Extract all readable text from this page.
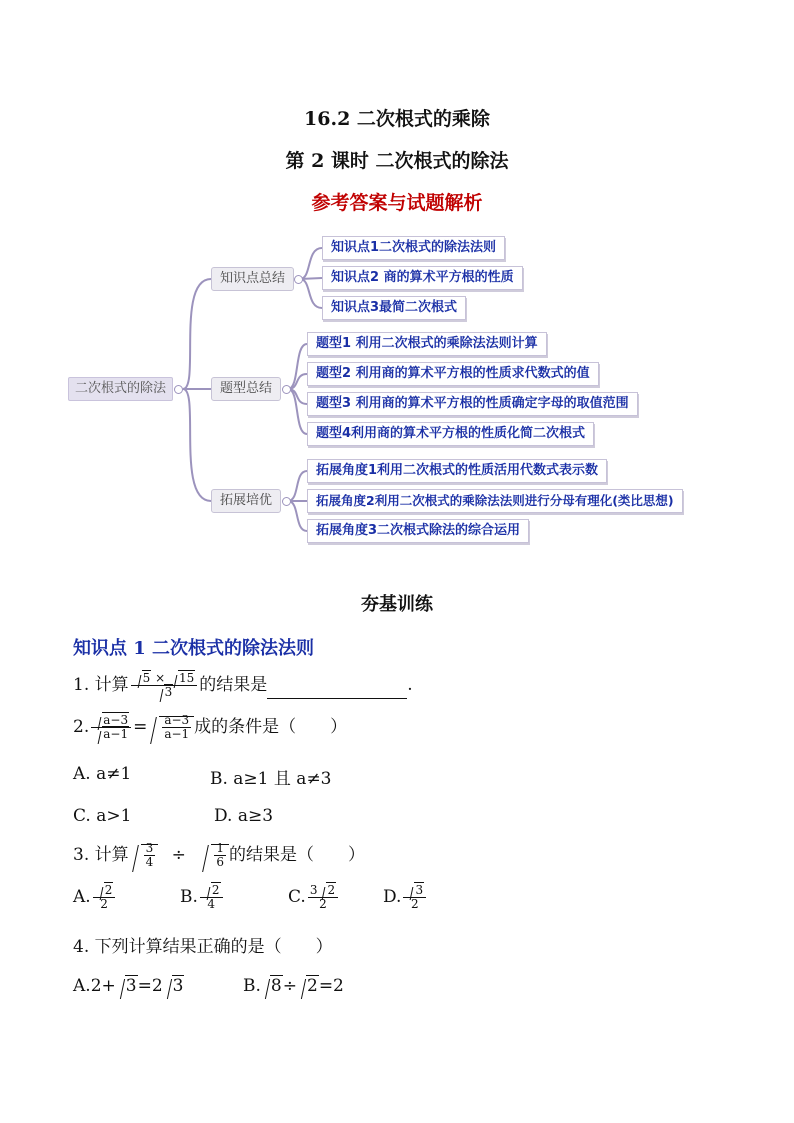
16.2 二次根式的乘除
第 2 课时 二次根式的除法
参考答案与试题解析
二次根式的除法
知识点总结
题型总结
拓展培优
知识点1二次根式的除法法则
知识点2 商的算术平方根的性质
知识点3最简二次根式
题型1 利用二次根式的乘除法法则计算
题型2 利用商的算术平方根的性质求代数式的值
题型3 利用商的算术平方根的性质确定字母的取值范围
题型4利用商的算术平方根的性质化简二次根式
拓展角度1利用二次根式的性质活用代数式表示数
拓展角度2利用二次根式的乘除法法则进行分母有理化(类比思想)
拓展角度3二次根式除法的综合运用
夯基训练
知识点 1 二次根式的除法法则
1. 计算 $\frac{5 \times 15}{3}$ 的结果是	.
2. $\frac{a-3}{a-1} = \frac{a-3}{a-1}$ 成的条件是（　　）
A. a≠1	B. a≥1 且 a≠3
C. a>1	D. a≥3
3. 计算 $\frac{3}{4} \div \frac{1}{6}$ 的结果是（　　）
A. $\frac{2}{2}$	B. $\frac{2}{4}$	C. $\frac{3 2}{2}$	D. $\frac{3}{2}$
4. 下列计算结果正确的是（　　）
A.2+ 3=2 3	B. 8÷ 2=2
